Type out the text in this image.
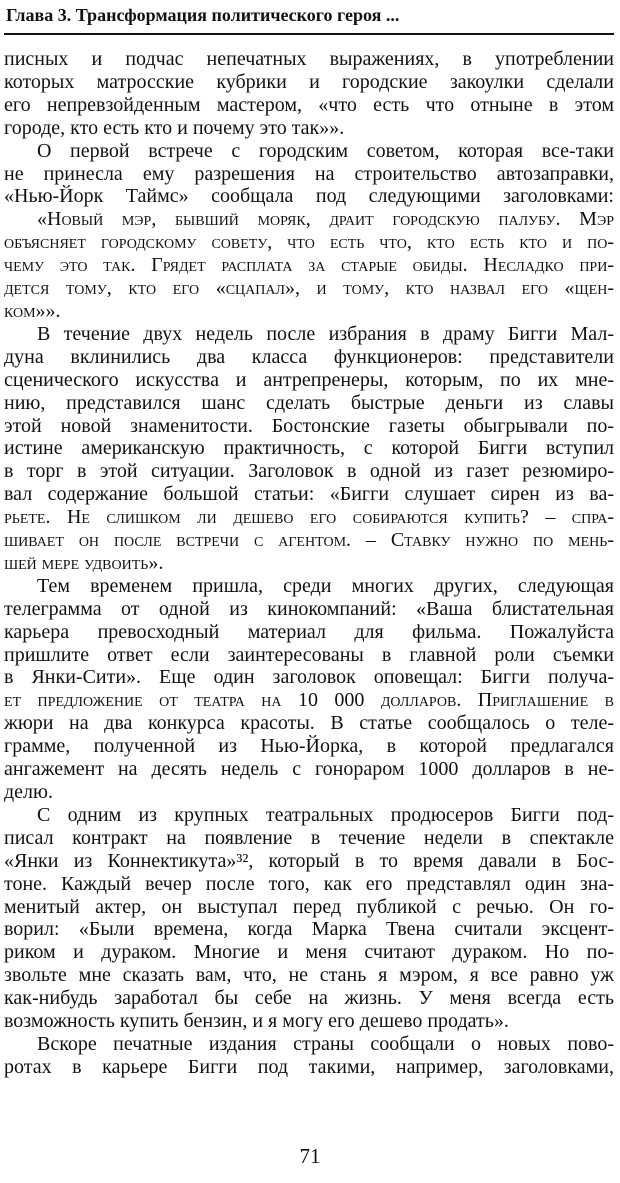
Глава 3. Трансформация политического героя ...
писных и подчас непечатных выражениях, в употреблении
которых матросские кубрики и городские закоулки сделали
его непревзойденным мастером, «что есть что отныне в этом
городе, кто есть кто и почему это так»».
О первой встрече с городским советом, которая все-таки
не принесла ему разрешения на строительство автозаправки,
«Нью-Йорк Таймс» сообщала под следующими заголовками:
«Новый мэр, бывший моряк, драит городскую палубу. Мэр
объясняет городскому совету, что есть что, кто есть кто и по-
чему это так. Грядет расплата за старые обиды. Несладко при-
дется тому, кто его «сцапал», и тому, кто назвал его «щен-
ком»».
В течение двух недель после избрания в драму Бигги Мал-
дуна вклинились два класса функционеров: представители
сценического искусства и антрепренеры, которым, по их мне-
нию, представился шанс сделать быстрые деньги из славы
этой новой знаменитости. Бостонские газеты обыгрывали по-
истине американскую практичность, с которой Бигги вступил
в торг в этой ситуации. Заголовок в одной из газет резюмиро-
вал содержание большой статьи: «Бигги слушает сирен из ва-
рьете. Не слишком ли дешево его собираются купить? – спра-
шивает он после встречи с агентом. – Ставку нужно по мень-
шей мере удвоить».
Тем временем пришла, среди многих других, следующая
телеграмма от одной из кинокомпаний: «Ваша блистательная
карьера превосходный материал для фильма. Пожалуйста
пришлите ответ если заинтересованы в главной роли съемки
в Янки-Сити». Еще один заголовок оповещал: Бигги получа-
ет предложение от театра на 10 000 долларов. Приглашение в
жюри на два конкурса красоты. В статье сообщалось о теле-
грамме, полученной из Нью-Йорка, в которой предлагался
ангажемент на десять недель с гонораром 1000 долларов в не-
делю.
С одним из крупных театральных продюсеров Бигги под-
писал контракт на появление в течение недели в спектакле
«Янки из Коннектикута»³², который в то время давали в Бос-
тоне. Каждый вечер после того, как его представлял один зна-
менитый актер, он выступал перед публикой с речью. Он го-
ворил: «Были времена, когда Марка Твена считали эксцент-
риком и дураком. Многие и меня считают дураком. Но по-
звольте мне сказать вам, что, не стань я мэром, я все равно уж
как-нибудь заработал бы себе на жизнь. У меня всегда есть
возможность купить бензин, и я могу его дешево продать».
Вскоре печатные издания страны сообщали о новых пово-
ротах в карьере Бигги под такими, например, заголовками,
71
